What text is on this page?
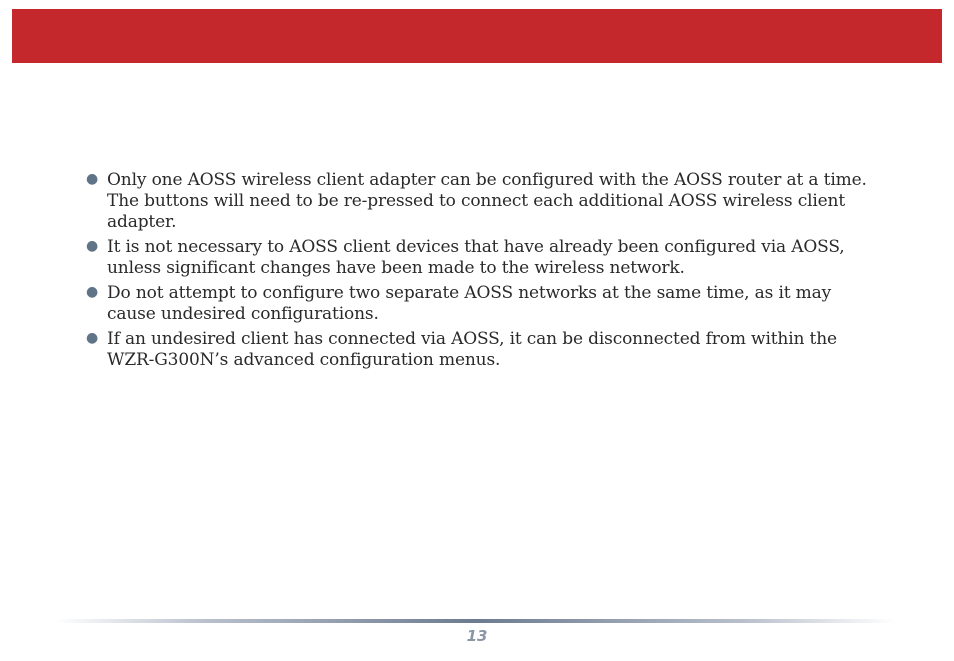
● Only one AOSS wireless client adapter can be configured with the AOSS router at a time. The buttons will need to be re-pressed to connect each additional AOSS wireless client adapter.
● It is not necessary to AOSS client devices that have already been configured via AOSS, unless significant changes have been made to the wireless network.
● Do not attempt to configure two separate AOSS networks at the same time, as it may cause undesired configurations.
● If an undesired client has connected via AOSS, it can be disconnected from within the WZR-G300N’s advanced configuration menus.
13
